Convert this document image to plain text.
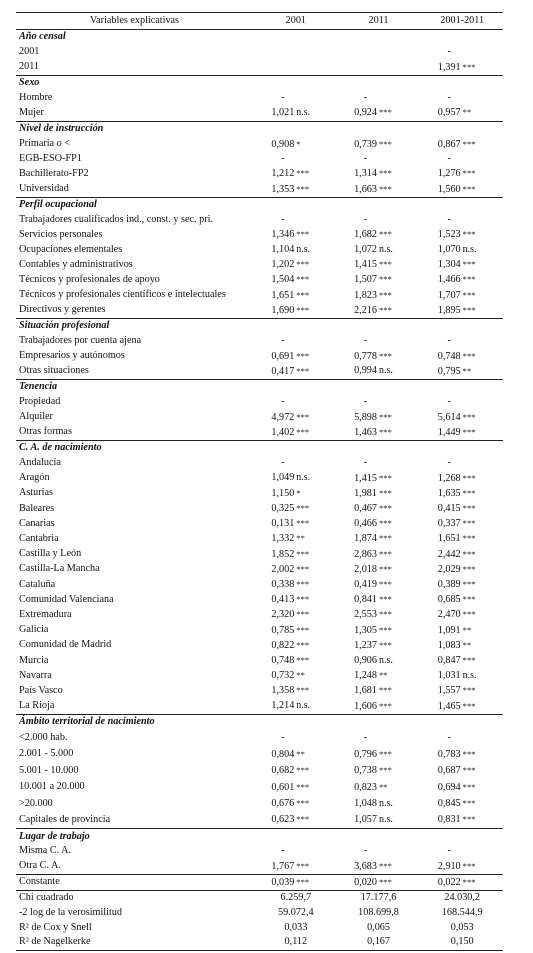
Variables explicativas	2001	2011	2001-2011
Año censal			
2001			-
2011			1,391 ***
Sexo			
Hombre	-	-	-
Mujer	1,021 n.s.	0,924 ***	0,957 **
Nivel de instrucción			
Primaria o <	0,908 *	0,739 ***	0,867 ***
EGB-ESO-FP1	-	-	-
Bachillerato-FP2	1,212 ***	1,314 ***	1,276 ***
Universidad	1,353 ***	1,663 ***	1,560 ***
Perfil ocupacional			
Trabajadores cualificados ind., const. y sec. pri.	-	-	-
Servicios personales	1,346 ***	1,682 ***	1,523 ***
Ocupaciones elementales	1,104 n.s.	1,072 n.s.	1,070 n.s.
Contables y administrativos	1,202 ***	1,415 ***	1,304 ***
Técnicos y profesionales de apoyo	1,504 ***	1,507 ***	1,466 ***
Técnicos y profesionales científicos e intelectuales	1,651 ***	1,823 ***	1,707 ***
Directivos y gerentes	1,690 ***	2,216 ***	1,895 ***
Situación profesional			
Trabajadores por cuenta ajena	-	-	-
Empresarios y autónomos	0,691 ***	0,778 ***	0,748 ***
Otras situaciones	0,417 ***	0,994 n.s.	0,795 **
Tenencia			
Propiedad	-	-	-
Alquiler	4,972 ***	5,898 ***	5,614 ***
Otras formas	1,402 ***	1,463 ***	1,449 ***
C. A. de nacimiento			
Andalucía	-	-	-
Aragón	1,049 n.s.	1,415 ***	1,268 ***
Asturias	1,150 *	1,981 ***	1,635 ***
Baleares	0,325 ***	0,467 ***	0,415 ***
Canarias	0,131 ***	0,466 ***	0,337 ***
Cantabria	1,332 **	1,874 ***	1,651 ***
Castilla y León	1,852 ***	2,863 ***	2,442 ***
Castilla-La Mancha	2,002 ***	2,018 ***	2,029 ***
Cataluña	0,338 ***	0,419 ***	0,389 ***
Comunidad Valenciana	0,413 ***	0,841 ***	0,685 ***
Extremadura	2,320 ***	2,553 ***	2,470 ***
Galicia	0,785 ***	1,305 ***	1,091 **
Comunidad de Madrid	0,822 ***	1,237 ***	1,083 **
Murcia	0,748 ***	0,906 n.s.	0,847 ***
Navarra	0,732 **	1,248 **	1,031 n.s.
País Vasco	1,358 ***	1,681 ***	1,557 ***
La Rioja	1,214 n.s.	1,606 ***	1,465 ***
Ámbito territorial de nacimiento			
<2.000 hab.	-	-	-
2.001 - 5.000	0,804 **	0,796 ***	0,783 ***
5.001 - 10.000	0,682 ***	0,738 ***	0,687 ***
10.001 a 20.000	0,601 ***	0,823 **	0,694 ***
>20.000	0,676 ***	1,048 n.s.	0,845 ***
Capitales de provincia	0,623 ***	1,057 n.s.	0,831 ***
Lugar de trabajo			
Misma C. A.	-	-	-
Otra C. A.	1,767 ***	3,683 ***	2,910 ***
Constante	0,039 ***	0,020 ***	0,022 ***
Chi cuadrado	6.259,7	17.177,6	24.030,2
-2 log de la verosimilitud	59.072,4	108.699,8	168.544,9
R² de Cox y Snell	0,033	0,065	0,053
R² de Nagelkerke	0,112	0,167	0,150
